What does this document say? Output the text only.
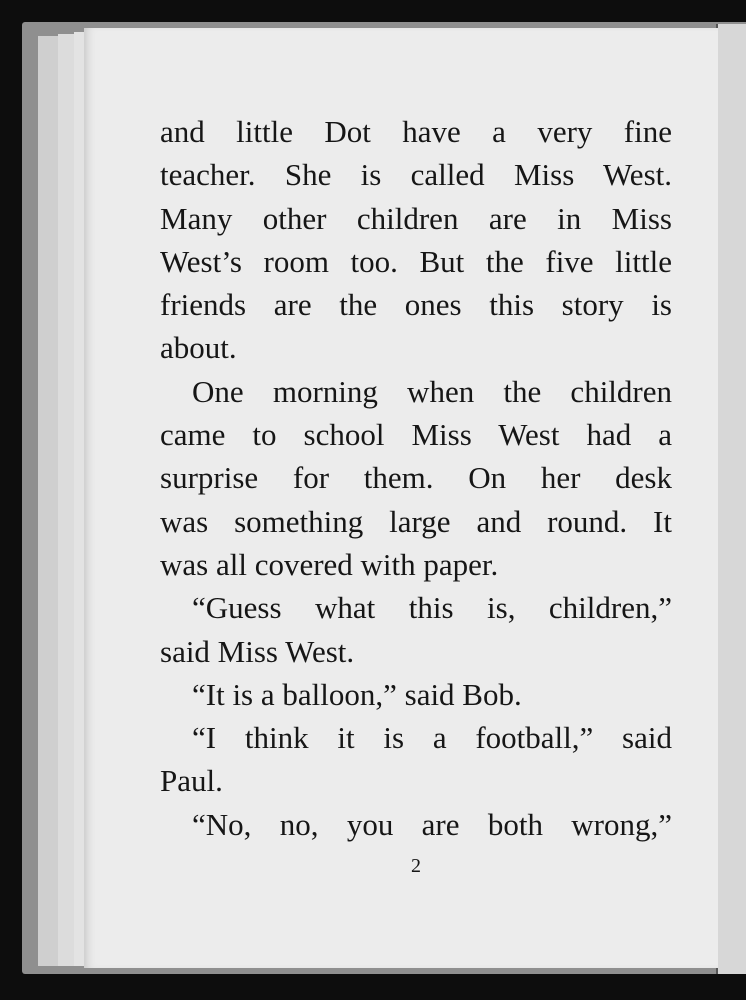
and little Dot have a very fine
teacher. She is called Miss West.
Many other children are in Miss
West’s room too. But the five little
friends are the ones this story is
about.
One morning when the children
came to school Miss West had a
surprise for them. On her desk
was something large and round. It
was all covered with paper.
“Guess what this is, children,”
said Miss West.
“It is a balloon,” said Bob.
“I think it is a football,” said
Paul.
“No, no, you are both wrong,”
2
